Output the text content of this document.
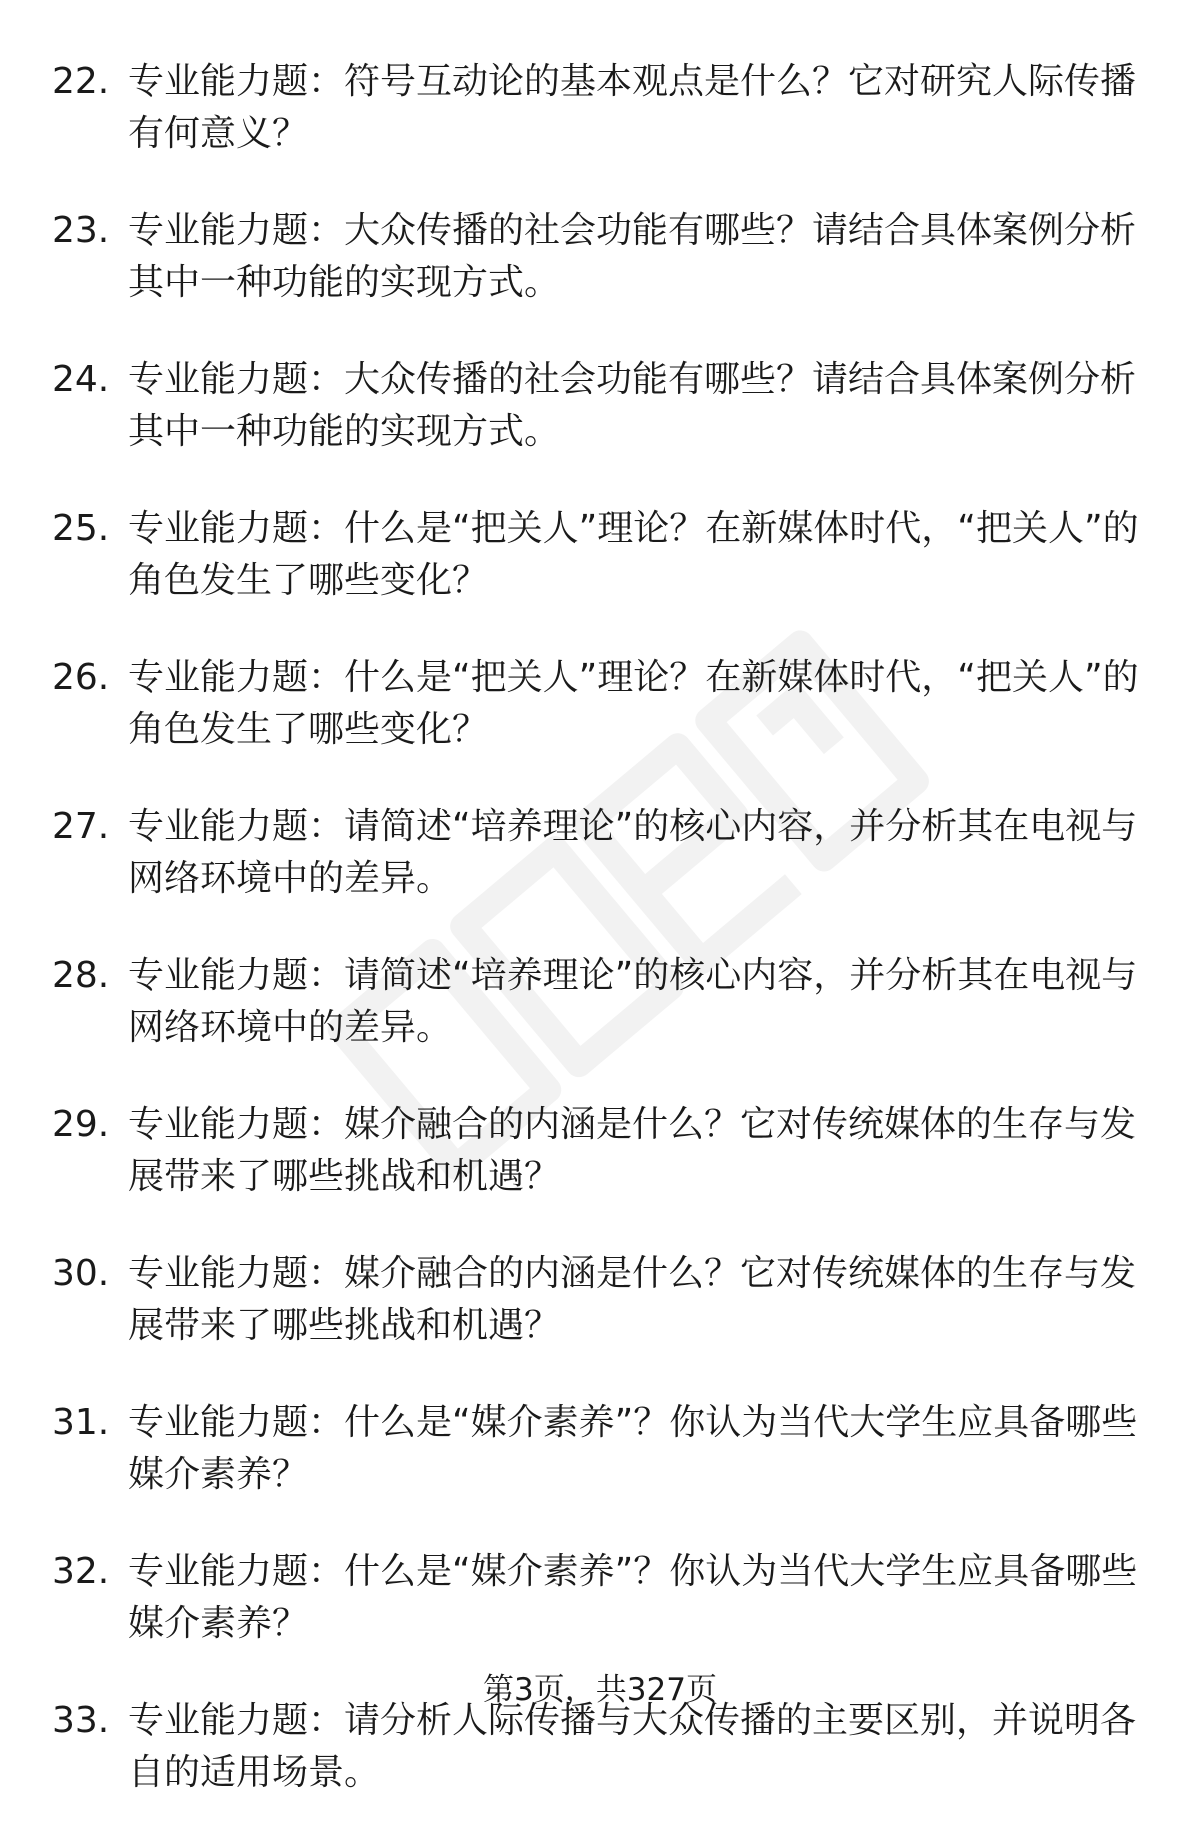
22. 专业能力题：符号互动论的基本观点是什么？它对研究人际传播有何意义？
23. 专业能力题：大众传播的社会功能有哪些？请结合具体案例分析其中一种功能的实现方式。
24. 专业能力题：大众传播的社会功能有哪些？请结合具体案例分析其中一种功能的实现方式。
25. 专业能力题：什么是“把关人”理论？在新媒体时代，“把关人”的角色发生了哪些变化？
26. 专业能力题：什么是“把关人”理论？在新媒体时代，“把关人”的角色发生了哪些变化？
27. 专业能力题：请简述“培养理论”的核心内容，并分析其在电视与网络环境中的差异。
28. 专业能力题：请简述“培养理论”的核心内容，并分析其在电视与网络环境中的差异。
29. 专业能力题：媒介融合的内涵是什么？它对传统媒体的生存与发展带来了哪些挑战和机遇？
30. 专业能力题：媒介融合的内涵是什么？它对传统媒体的生存与发展带来了哪些挑战和机遇？
31. 专业能力题：什么是“媒介素养”？你认为当代大学生应具备哪些媒介素养？
32. 专业能力题：什么是“媒介素养”？你认为当代大学生应具备哪些媒介素养？
33. 专业能力题：请分析人际传播与大众传播的主要区别，并说明各自的适用场景。
第3页，共327页
